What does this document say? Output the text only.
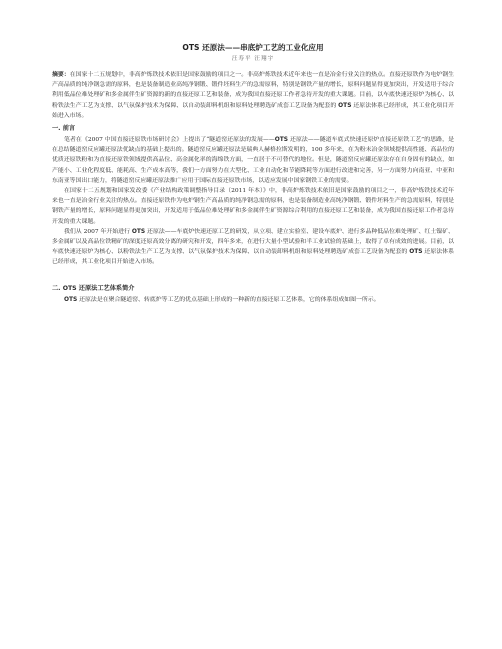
OTS 还原法——串底炉工艺的工业化应用
汪寿平 汪翔宇

摘要：在国家十二五规划中，非高炉炼铁技术依旧是国家鼓励的项目之一。非高炉炼铁技术近年来也一直是冶金行业关注的热点。直接还原铁作为电炉钢生产高品质的纯净钢急需的原料，也是装备制造业高纯净钢锻、锻件坯料生产的急需原料，特别是钢铁产量的增长，原料问题显得更加突出，开发适用于综合利用低品位难处理矿和多金属伴生矿资源的新的直接还原工艺和装备，成为我国直接还原工作者急待开发的重大课题。目前，以车底快速还原炉为核心、以粉铁法生产工艺为支撑、以气氛保护技术为保障、以自动装卸料机组和原料处理聘选矿成套工艺设备为配套的 OTS 还原法体系已经形成，其工业化项目开始进入市场。

一. 前言

笔者在《2007 中国直接还原铁市场研讨会》上提出了“隧道窑还原法的发展——OTS 还原法——隧道车底式快速还原炉直接还原铁工艺”的思路，是在总结隧道窑反应罐还原法优缺点的基础上提出的。隧道窑反应罐还原法是瑞典人赫格拉斯发明的，100 多年来，在为粉末冶金领域提供高性能、高品位的优质还原铁粉和为直接还原铁领域提供高品位、高金属化率的海绵铁方面，一直居于不可替代的地位。但是，隧道窑反应罐还原法存在自身固有的缺点，如产能小、工业化程度低、能耗高、生产成本高等，我们一方面努力在大型化、工业自动化和节能降耗等方面进行改进和完善，另一方面努力向南亚、中亚和东南亚等国出口能力，将隧道窑反应罐还原法推广应用于国际直接还原铁市场，以适应发展中国家钢铁工业的需要。

在国家十二五规划和国家发改委《产业结构政策调整指导目录（2011 年本）》中，非高炉炼铁技术依旧是国家鼓励的项目之一，非高炉炼铁技术近年来也一直是冶金行业关注的热点。直接还原铁作为电炉钢生产高品质的纯净钢急需的原料，也是装备制造业高纯净钢锻、锻件坯料生产的急需原料，特别是钢铁产量的增长，原料问题显得更加突出，开发适用于低品位难处理矿和多金属伴生矿资源综合利用的直接还原工艺和装备，成为我国直接还原工作者急待开发的重大课题。

我们从 2007 年开始进行 OTS 还原法——车底炉快速还原工艺的研发，从立项、建立实验室、建设车底炉、进行多品种低品位难处理矿、红土镍矿、多金属矿以及高品位铁精矿的深度还原高效分离的研究和开发，四年多来，在进行大量小型试验和半工业试验的基础上，取得了卓有成效的进展。目前，以车底快速还原炉为核心、以粉铁法生产工艺为支撑、以气氛保护技术为保障、以自动装卸料机组和原料处理聘选矿成套工艺设备为配套的 OTS 还原法体系已经形成，其工业化项目开始进入市场。

二. OTS 还原法工艺体系简介

OTS 还原法是在聚合隧道窑、转底炉等工艺的优点基础上形成的一种新的直接还原工艺体系，它的体系组成如图一所示。
